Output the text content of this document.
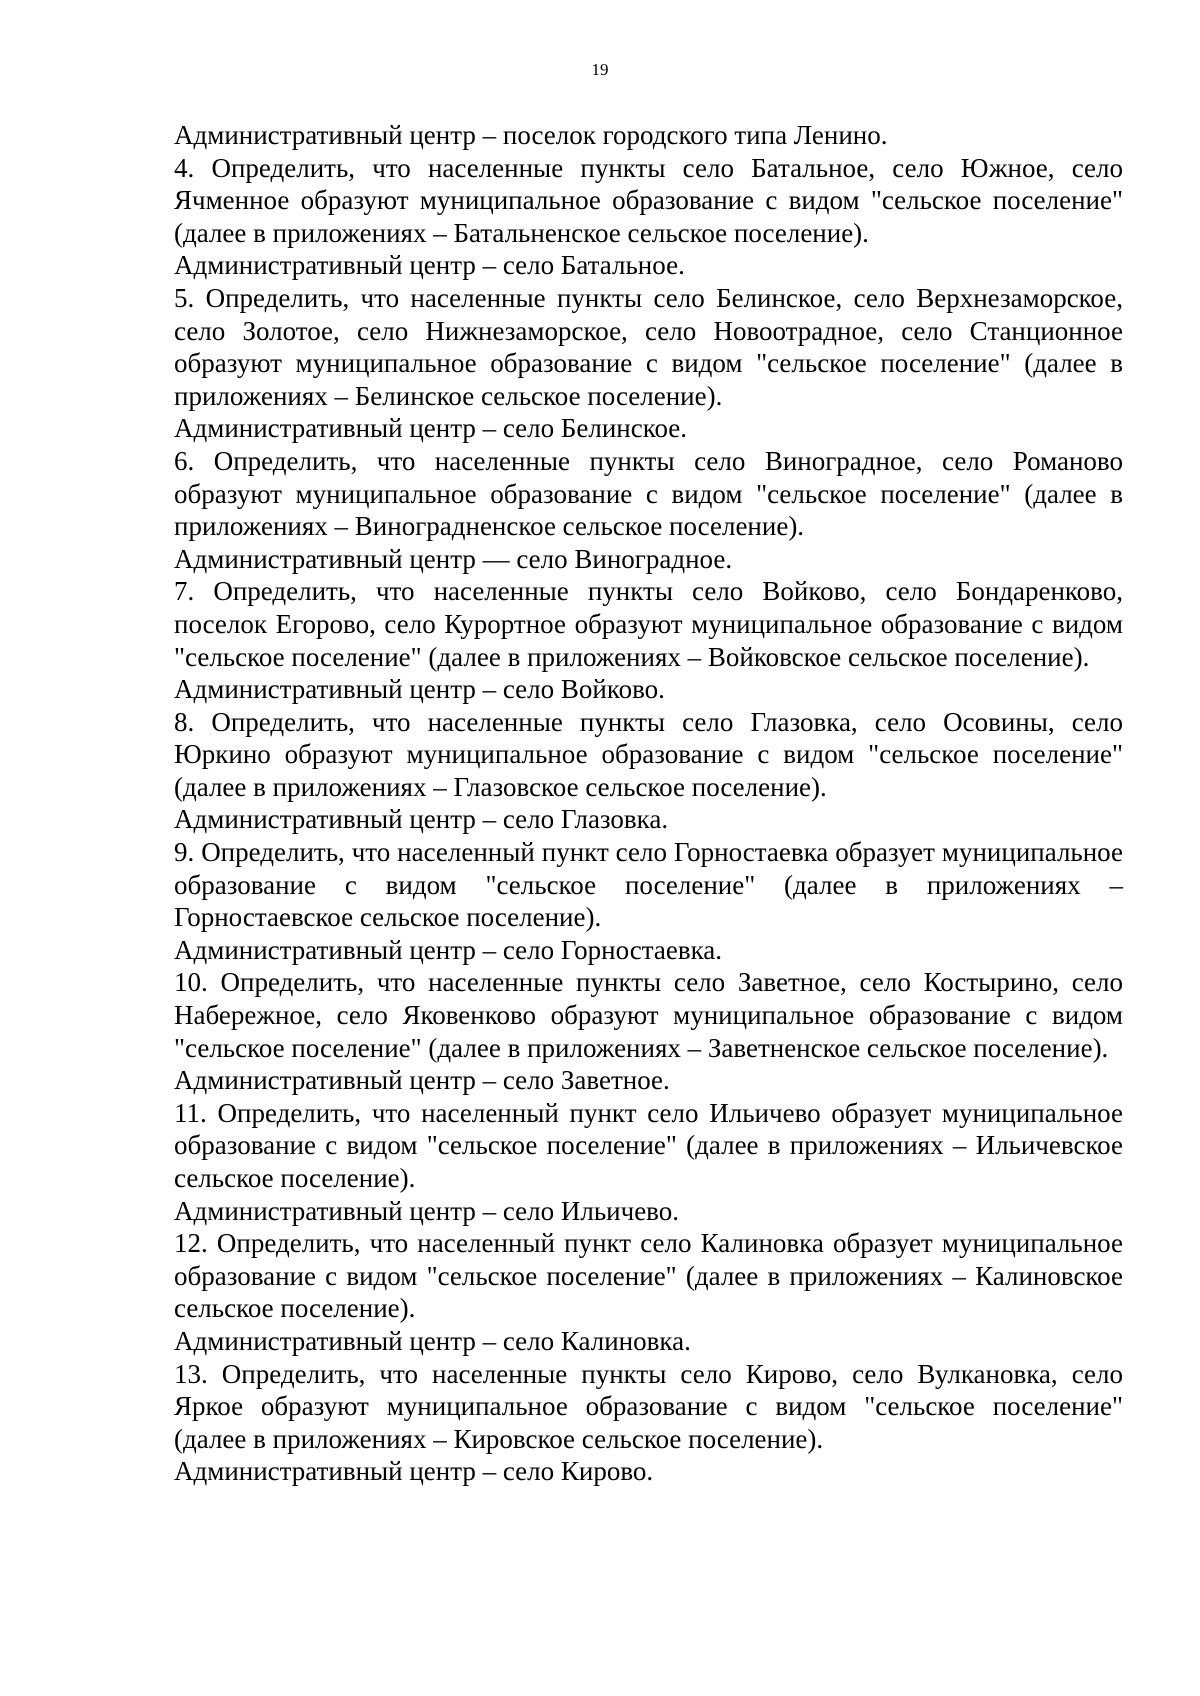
19

Административный центр – поселок городского типа Ленино.

4. Определить, что населенные пункты село Батальное, село Южное, село Ячменное образуют муниципальное образование с видом "сельское поселение" (далее в приложениях – Батальненское сельское поселение).

Административный центр – село Батальное.

5. Определить, что населенные пункты село Белинское, село Верхнезаморское, село Золотое, село Нижнезаморское, село Новоотрадное, село Станционное образуют муниципальное образование с видом "сельское поселение" (далее в приложениях – Белинское сельское поселение).

Административный центр – село Белинское.

6. Определить, что населенные пункты село Виноградное, село Романово образуют муниципальное образование с видом "сельское поселение" (далее в приложениях – Виноградненское сельское поселение).

Административный центр — село Виноградное.

7. Определить, что населенные пункты село Войково, село Бондаренково, поселок Егорово, село Курортное образуют муниципальное образование с видом "сельское поселение" (далее в приложениях – Войковское сельское поселение).

Административный центр – село Войково.

8. Определить, что населенные пункты село Глазовка, село Осовины, село Юркино образуют муниципальное образование с видом "сельское поселение" (далее в приложениях – Глазовское сельское поселение).

Административный центр – село Глазовка.

9. Определить, что населенный пункт село Горностаевка образует муниципальное образование с видом "сельское поселение" (далее в приложениях – Горностаевское сельское поселение).

Административный центр – село Горностаевка.

10. Определить, что населенные пункты село Заветное, село Костырино, село Набережное, село Яковенково образуют муниципальное образование с видом "сельское поселение" (далее в приложениях – Заветненское сельское поселение).

Административный центр – село Заветное.

11. Определить, что населенный пункт село Ильичево образует муниципальное образование с видом "сельское поселение" (далее в приложениях – Ильичевское сельское поселение).

Административный центр – село Ильичево.

12. Определить, что населенный пункт село Калиновка образует муниципальное образование с видом "сельское поселение" (далее в приложениях – Калиновское сельское поселение).

Административный центр – село Калиновка.

13. Определить, что населенные пункты село Кирово, село Вулкановка, село Яркое образуют муниципальное образование с видом "сельское поселение" (далее в приложениях – Кировское сельское поселение).

Административный центр – село Кирово.
